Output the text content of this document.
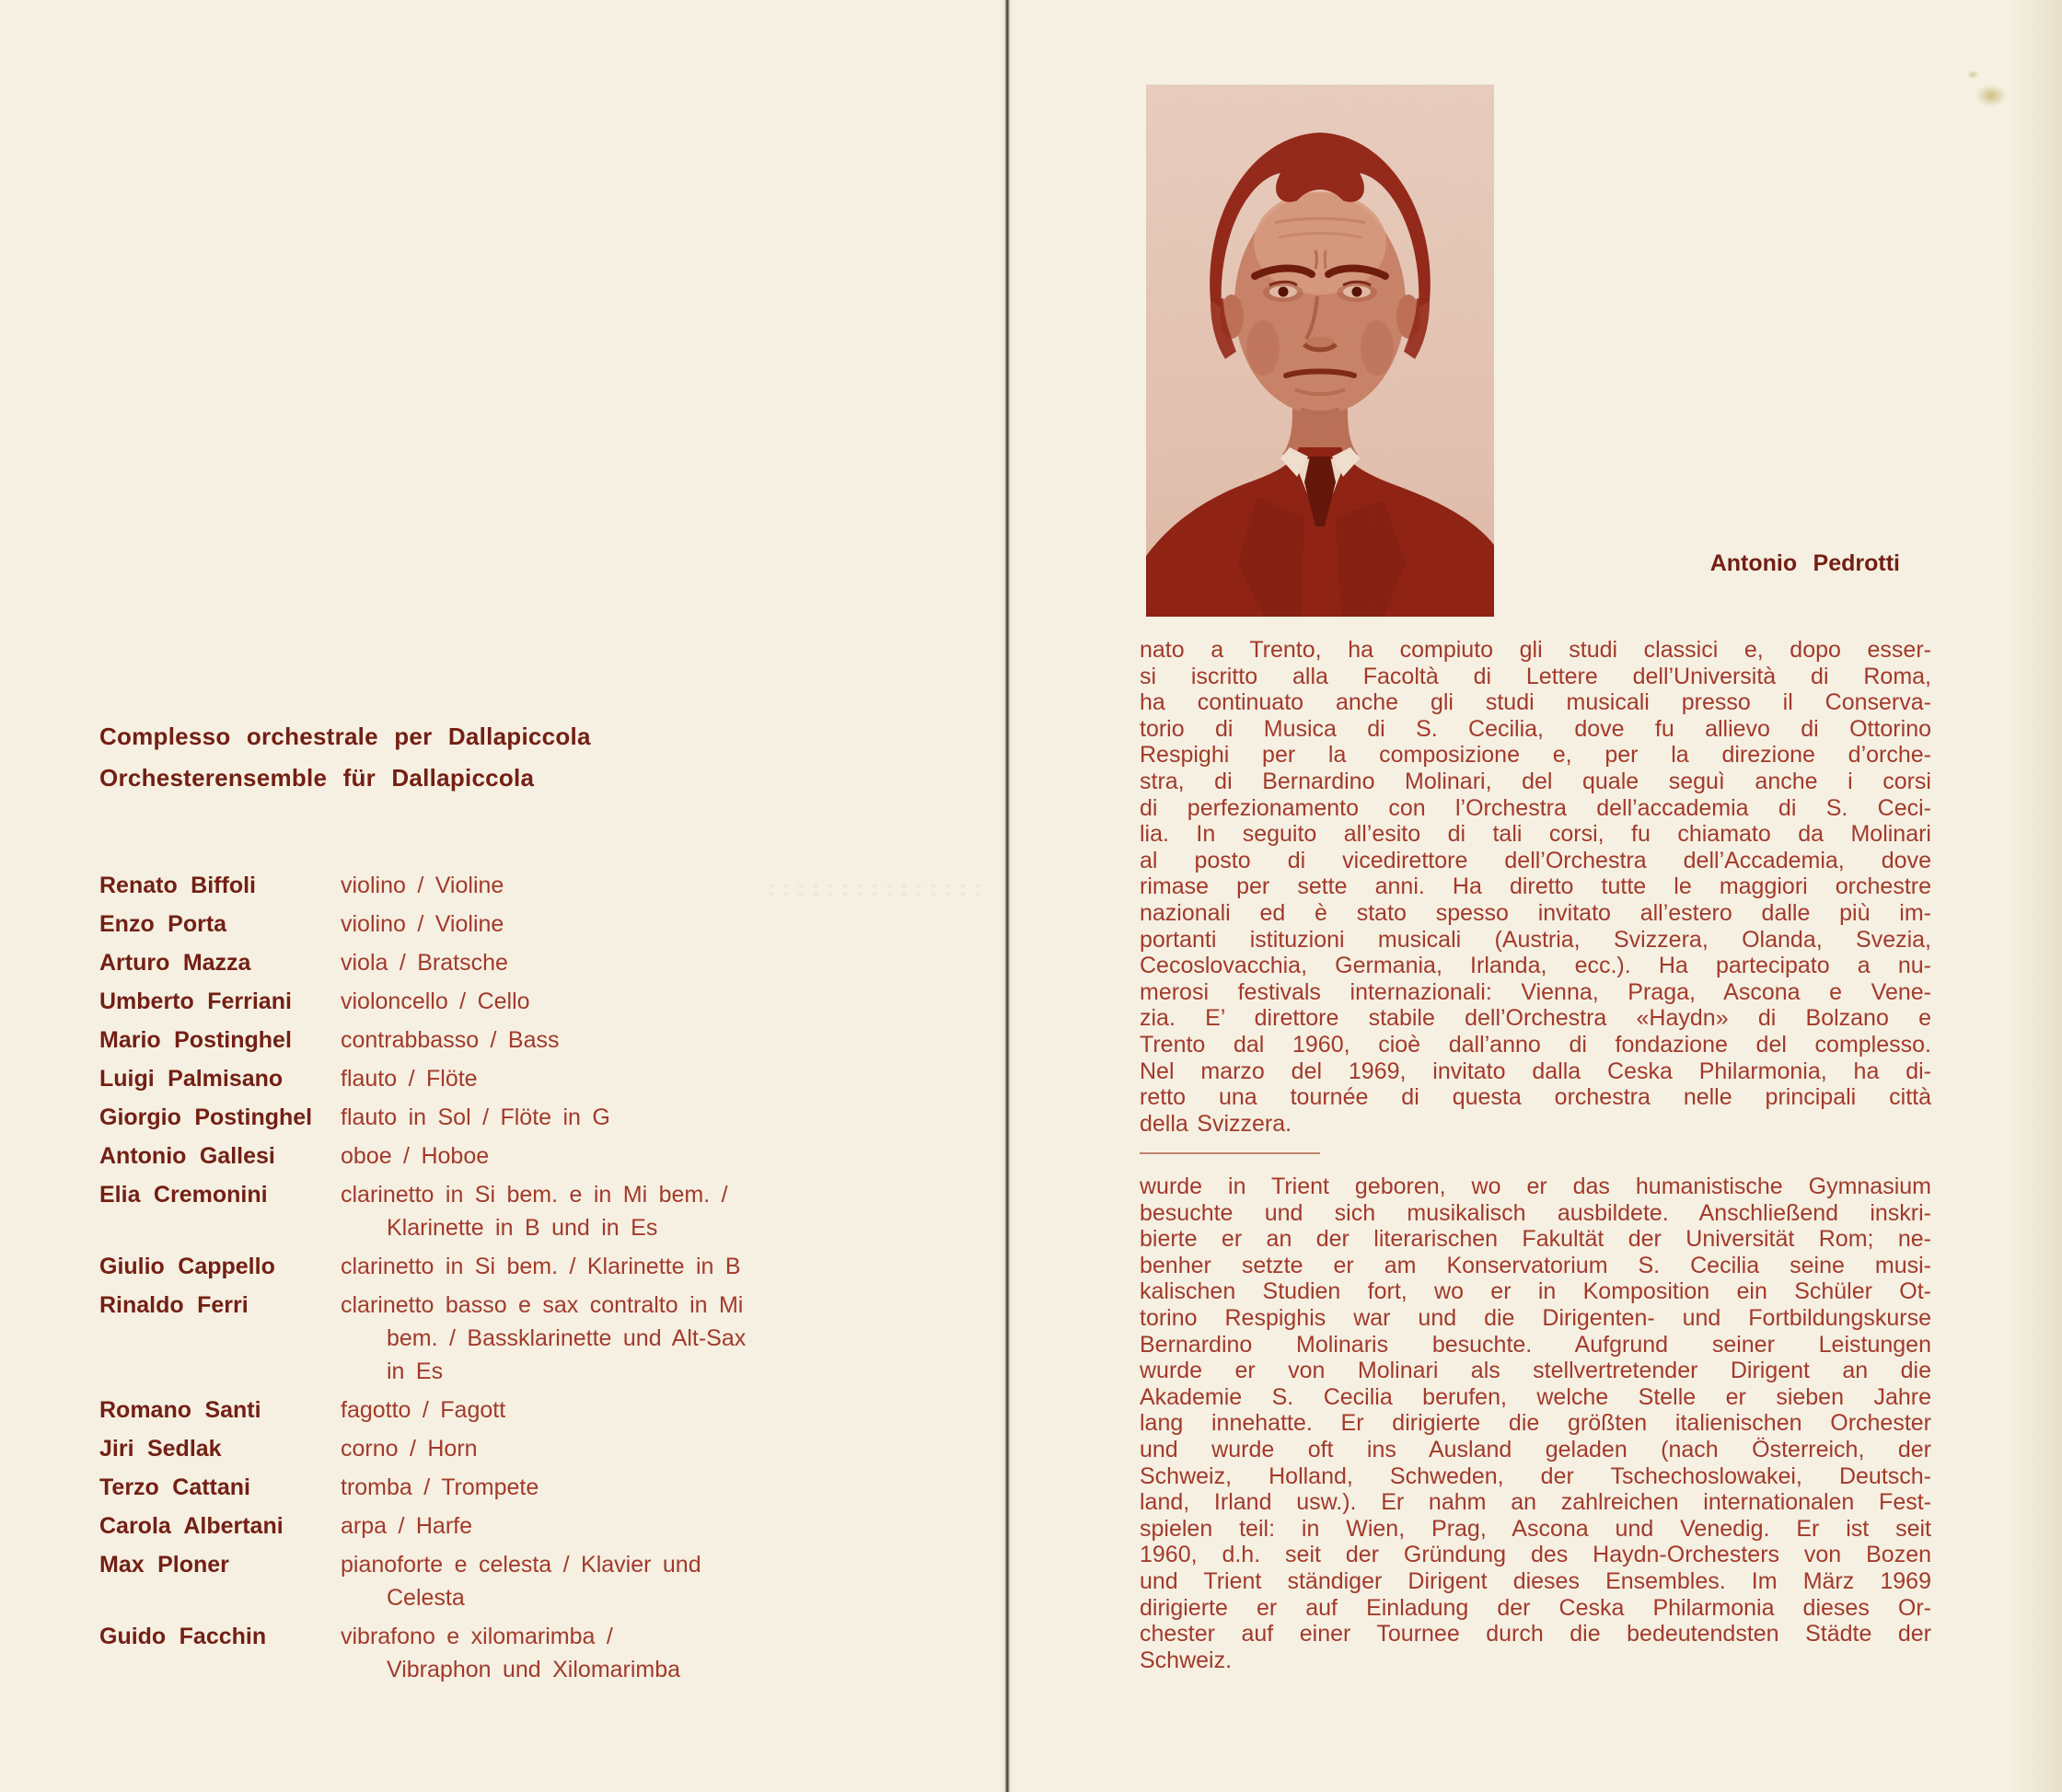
Complesso orchestrale per Dallapiccola
Orchesterensemble für Dallapiccola
Renato Biffoli	violino / Violine
Enzo Porta	violino / Violine
Arturo Mazza	viola / Bratsche
Umberto Ferriani	violoncello / Cello
Mario Postinghel	contrabbasso / Bass
Luigi Palmisano	flauto / Flöte
Giorgio Postinghel	flauto in Sol / Flöte in G
Antonio Gallesi	oboe / Hoboe
Elia Cremonini	clarinetto in Si bem. e in Mi bem. /
Klarinette in B und in Es
Giulio Cappello	clarinetto in Si bem. / Klarinette in B
Rinaldo Ferri	clarinetto basso e sax contralto in Mi
bem. / Bassklarinette und Alt-Sax
in Es
Romano Santi	fagotto / Fagott
Jiri Sedlak	corno / Horn
Terzo Cattani	tromba / Trompete
Carola Albertani	arpa / Harfe
Max Ploner	pianoforte e celesta / Klavier und
Celesta
Guido Facchin	vibrafono e xilomarimba /
Vibraphon und Xilomarimba
Antonio Pedrotti
nato a Trento, ha compiuto gli studi classici e, dopo esser-
si iscritto alla Facoltà di Lettere dell’Università di Roma,
ha continuato anche gli studi musicali presso il Conserva-
torio di Musica di S. Cecilia, dove fu allievo di Ottorino
Respighi per la composizione e, per la direzione d’orche-
stra, di Bernardino Molinari, del quale seguì anche i corsi
di perfezionamento con l’Orchestra dell’accademia di S. Ceci-
lia. In seguito all’esito di tali corsi, fu chiamato da Molinari
al posto di vicedirettore dell’Orchestra dell’Accademia, dove
rimase per sette anni. Ha diretto tutte le maggiori orchestre
nazionali ed è stato spesso invitato all’estero dalle più im-
portanti istituzioni musicali (Austria, Svizzera, Olanda, Svezia,
Cecoslovacchia, Germania, Irlanda, ecc.). Ha partecipato a nu-
merosi festivals internazionali: Vienna, Praga, Ascona e Vene-
zia. E’ direttore stabile dell’Orchestra «Haydn» di Bolzano e
Trento dal 1960, cioè dall’anno di fondazione del complesso.
Nel marzo del 1969, invitato dalla Ceska Philarmonia, ha di-
retto una tournée di questa orchestra nelle principali città
della Svizzera.
wurde in Trient geboren, wo er das humanistische Gymnasium
besuchte und sich musikalisch ausbildete. Anschließend inskri-
bierte er an der literarischen Fakultät der Universität Rom; ne-
benher setzte er am Konservatorium S. Cecilia seine musi-
kalischen Studien fort, wo er in Komposition ein Schüler Ot-
torino Respighis war und die Dirigenten- und Fortbildungskurse
Bernardino Molinaris besuchte. Aufgrund seiner Leistungen
wurde er von Molinari als stellvertretender Dirigent an die
Akademie S. Cecilia berufen, welche Stelle er sieben Jahre
lang innehatte. Er dirigierte die größten italienischen Orchester
und wurde oft ins Ausland geladen (nach Österreich, der
Schweiz, Holland, Schweden, der Tschechoslowakei, Deutsch-
land, Irland usw.). Er nahm an zahlreichen internationalen Fest-
spielen teil: in Wien, Prag, Ascona und Venedig. Er ist seit
1960, d.h. seit der Gründung des Haydn-Orchesters von Bozen
und Trient ständiger Dirigent dieses Ensembles. Im März 1969
dirigierte er auf Einladung der Ceska Philarmonia dieses Or-
chester auf einer Tournee durch die bedeutendsten Städte der
Schweiz.
